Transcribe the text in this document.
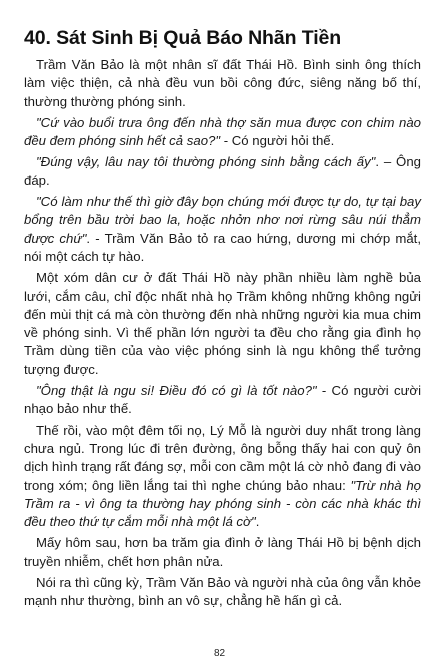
40. Sát Sinh Bị Quả Báo Nhãn Tiền

Trầm Văn Bảo là một nhân sĩ đất Thái Hồ. Bình sinh ông thích làm việc thiện, cả nhà đều vun bồi công đức, siêng năng bố thí, thường thường phóng sinh.

"Cứ vào buổi trưa ông đến nhà thợ săn mua được con chim nào đều đem phóng sinh hết cả sao?" - Có người hỏi thế.

"Đúng vậy, lâu nay tôi thường phóng sinh bằng cách ấy". – Ông đáp.

"Có làm như thế thì giờ đây bọn chúng mới được tự do, tự tại bay bổng trên bầu trời bao la, hoặc nhởn nhơ nơi rừng sâu núi thẳm được chứ". - Trầm Văn Bảo tỏ ra cao hứng, dương mi chớp mắt, nói một cách tự hào.

Một xóm dân cư ở đất Thái Hồ này phần nhiều làm nghề bủa lưới, cắm câu, chỉ độc nhất nhà họ Trầm không những không ngửi đến mùi thịt cá mà còn thường đến nhà những người kia mua chim về phóng sinh. Vì thế phần lớn người ta đều cho rằng gia đình họ Trầm dùng tiền của vào việc phóng sinh là ngu không thể tưởng tượng được.

"Ông thật là ngu si! Điều đó có gì là tốt nào?" - Có người cười nhạo bảo như thế.

Thế rồi, vào một đêm tối nọ, Lý Mỗ là người duy nhất trong làng chưa ngủ. Trong lúc đi trên đường, ông bỗng thấy hai con quỷ ôn dịch hình trạng rất đáng sợ, mỗi con cầm một lá cờ nhỏ đang đi vào trong xóm; ông liền lắng tai thì nghe chúng bảo nhau: "Trừ nhà họ Trầm ra - vì ông ta thường hay phóng sinh - còn các nhà khác thì đều theo thứ tự cắm mỗi nhà một lá cờ".

Mấy hôm sau, hơn ba trăm gia đình ở làng Thái Hồ bị bệnh dịch truyền nhiễm, chết hơn phân nửa.

Nói ra thì cũng kỳ, Trầm Văn Bảo và người nhà của ông vẫn khỏe mạnh như thường, bình an vô sự, chẳng hề hấn gì cả.

82
